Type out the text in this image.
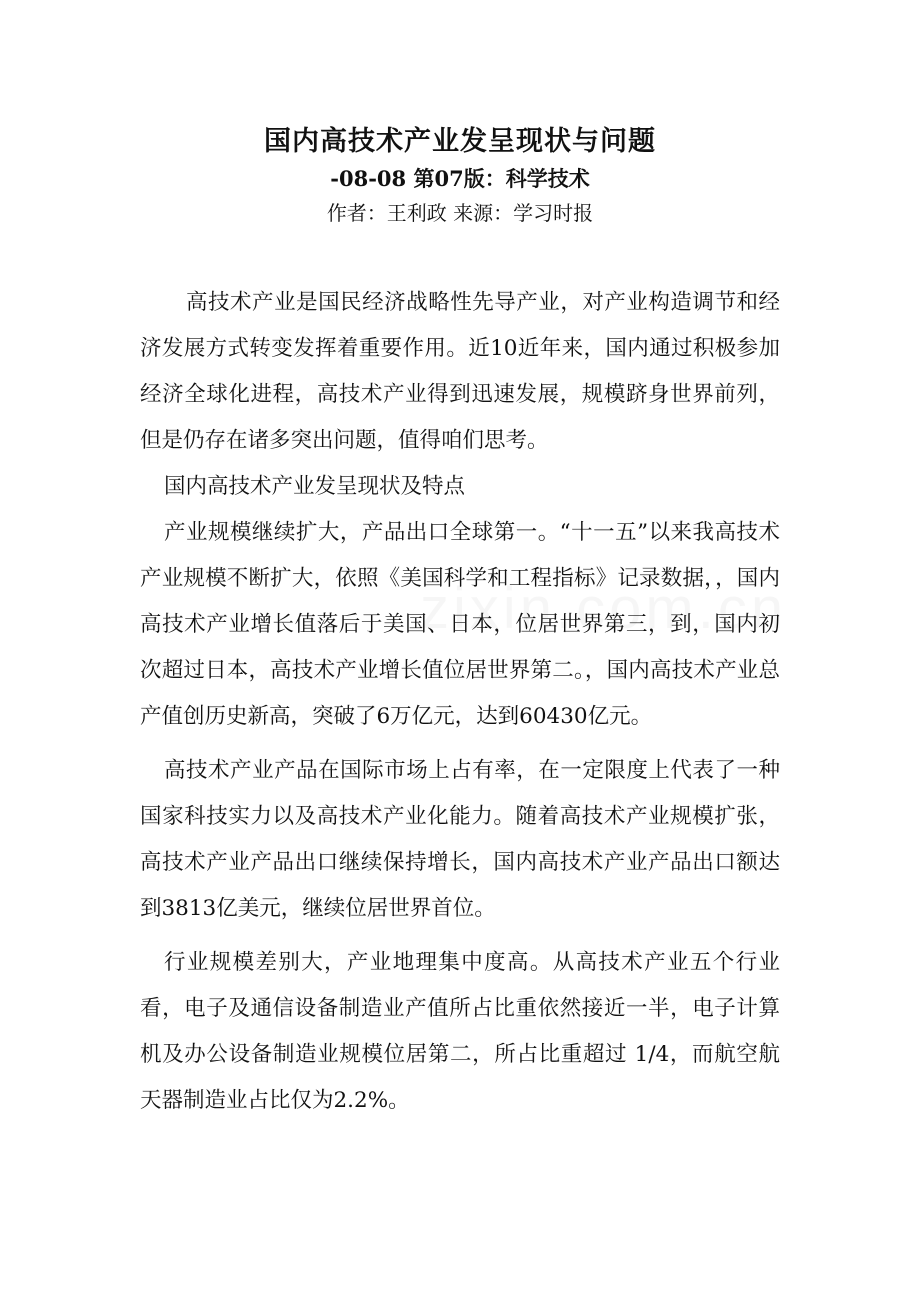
国内高技术产业发呈现状与问题
-08-08 第07版：科学技术
作者：王利政 来源：学习时报

高技术产业是国民经济战略性先导产业，对产业构造调节和经济发展方式转变发挥着重要作用。近10近年来，国内通过积极参加经济全球化进程，高技术产业得到迅速发展，规模跻身世界前列，但是仍存在诸多突出问题，值得咱们思考。

国内高技术产业发呈现状及特点

产业规模继续扩大，产品出口全球第一。“十一五”以来我高技术产业规模不断扩大，依照《美国科学和工程指标》记录数据，，国内高技术产业增长值落后于美国、日本，位居世界第三，到，国内初次超过日本，高技术产业增长值位居世界第二。，国内高技术产业总产值创历史新高，突破了6万亿元，达到60430亿元。

高技术产业产品在国际市场上占有率，在一定限度上代表了一种国家科技实力以及高技术产业化能力。随着高技术产业规模扩张，高技术产业产品出口继续保持增长，国内高技术产业产品出口额达到3813亿美元，继续位居世界首位。

行业规模差别大，产业地理集中度高。从高技术产业五个行业看，电子及通信设备制造业产值所占比重依然接近一半，电子计算机及办公设备制造业规模位居第二，所占比重超过 1/4，而航空航天器制造业占比仅为2.2%。
